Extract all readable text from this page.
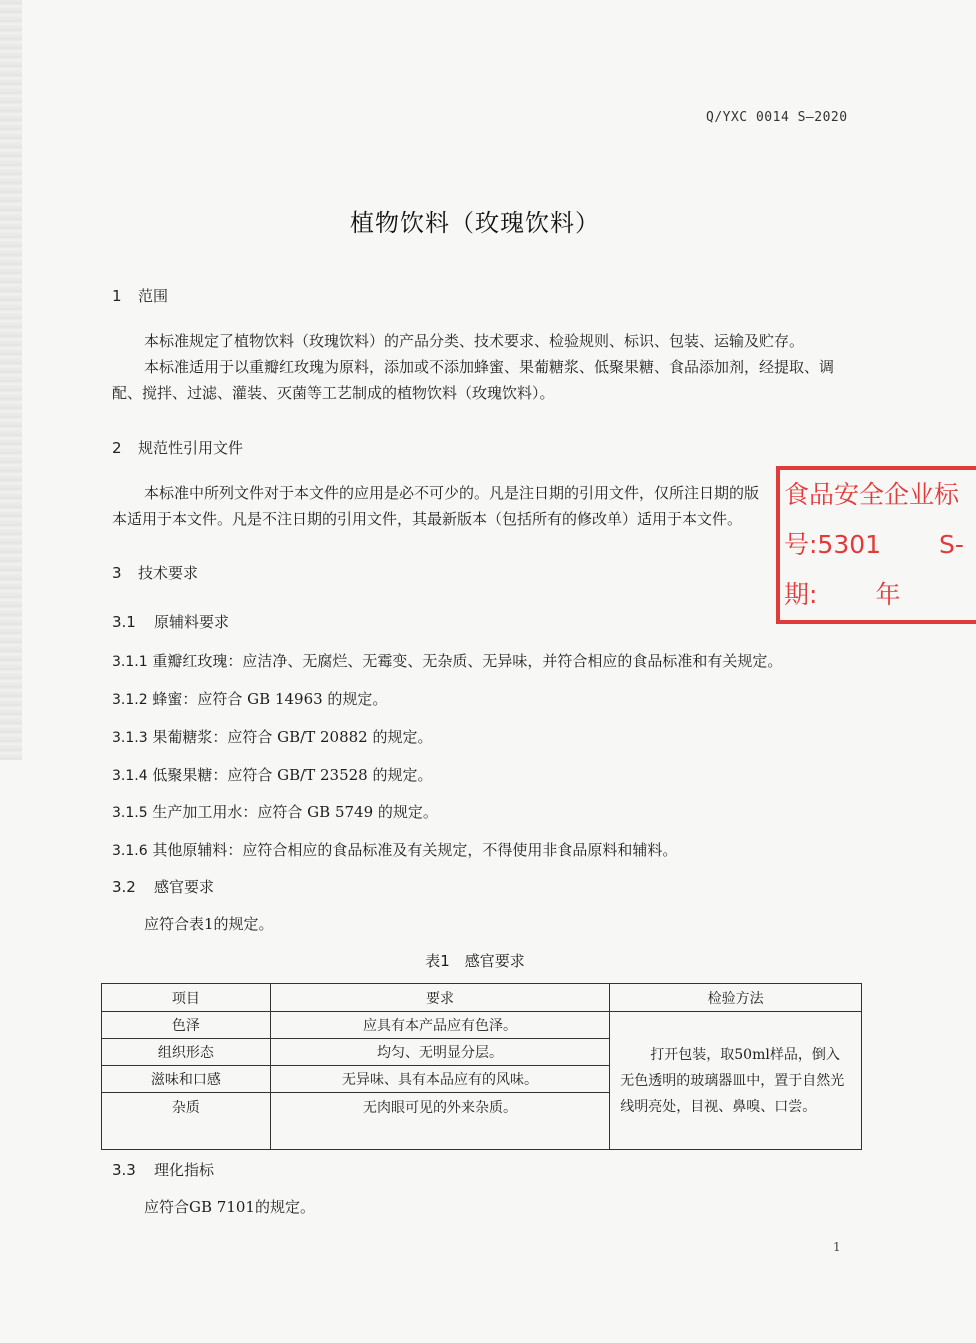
Q/YXC 0014 S—2020
植物饮料（玫瑰饮料）
1 范围
本标准规定了植物饮料（玫瑰饮料）的产品分类、技术要求、检验规则、标识、包装、运输及贮存。
本标准适用于以重瓣红玫瑰为原料，添加或不添加蜂蜜、果葡糖浆、低聚果糖、食品添加剂，经提取、调配、搅拌、过滤、灌装、灭菌等工艺制成的植物饮料（玫瑰饮料）。
2 规范性引用文件
本标准中所列文件对于本文件的应用是必不可少的。凡是注日期的引用文件，仅所注日期的版本适用于本文件。凡是不注日期的引用文件，其最新版本（包括所有的修改单）适用于本文件。
3 技术要求
3.1 原辅料要求
3.1.1 重瓣红玫瑰：应洁净、无腐烂、无霉变、无杂质、无异味，并符合相应的食品标准和有关规定。
3.1.2 蜂蜜：应符合 GB 14963 的规定。
3.1.3 果葡糖浆：应符合 GB/T 20882 的规定。
3.1.4 低聚果糖：应符合 GB/T 23528 的规定。
3.1.5 生产加工用水：应符合 GB 5749 的规定。
3.1.6 其他原辅料：应符合相应的食品标准及有关规定，不得使用非食品原料和辅料。
3.2 感官要求
应符合表1的规定。
表1　感官要求
项目	要求	检验方法
色泽	应具有本产品应有色泽。	打开包装，取50ml样品，倒入无色透明的玻璃器皿中，置于自然光线明亮处，目视、鼻嗅、口尝。
组织形态	均匀、无明显分层。	
滋味和口感	无异味、具有本品应有的风味。	
杂质	无肉眼可见的外来杂质。	
3.3 理化指标
应符合GB 7101的规定。
1
食品安全企业标
号:5301 S-
期: 年
